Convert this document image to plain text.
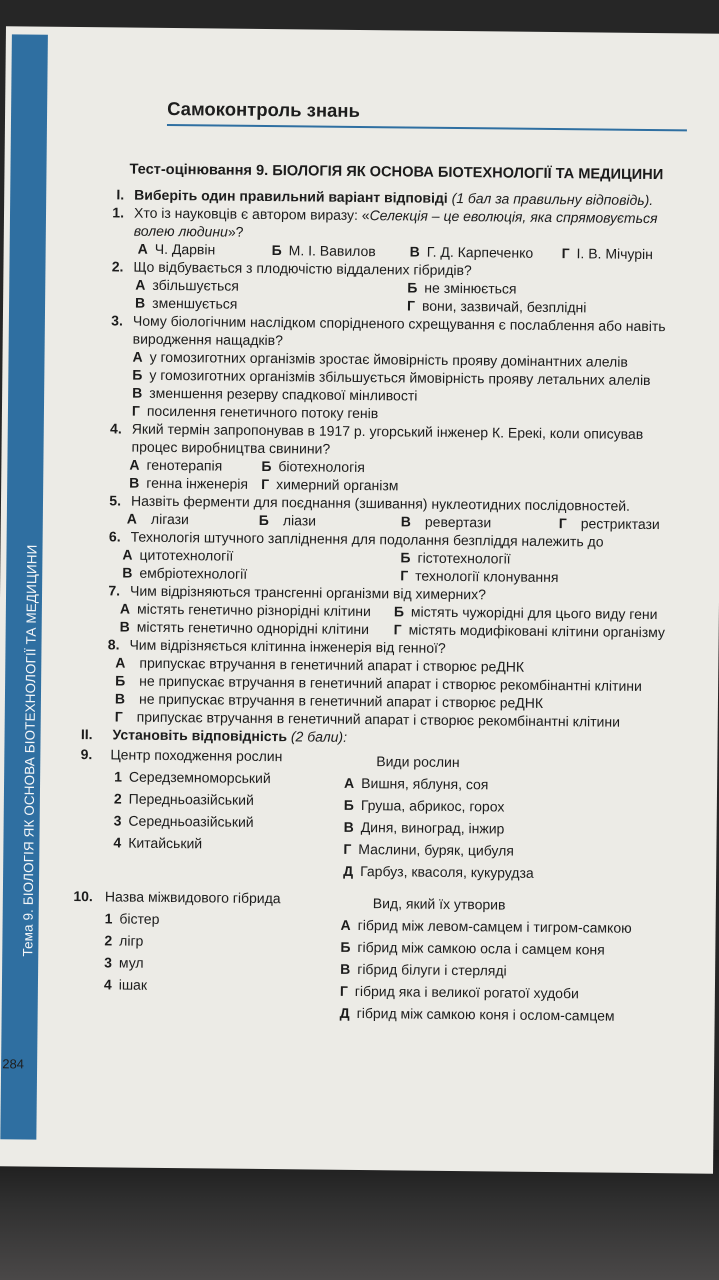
Тема 9. БІОЛОГІЯ ЯК ОСНОВА БІОТЕХНОЛОГІЇ ТА МЕДИЦИНИ
284
Самоконтроль знань
Тест-оцінювання 9. БІОЛОГІЯ ЯК ОСНОВА БІОТЕХНОЛОГІЇ ТА МЕДИЦИНИ
I. Виберіть один правильний варіант відповіді (1 бал за правильну відповідь).
1. Хто із науковців є автором виразу: «Селекція – це еволюція, яка спрямовується
волею людини»?
А Ч. Дарвін	Б М. І. Вавилов В Г. Д. Карпеченко Г І. В. Мічурін
2. Що відбувається з плодючістю віддалених гібридів?
А збільшується	Б не змінюється
В зменшується	Г вони, зазвичай, безплідні
3. Чому біологічним наслідком спорідненого схрещування є послаблення або навіть
виродження нащадків?
А у гомозиготних організмів зростає ймовірність прояву домінантних алелів
Б у гомозиготних організмів збільшується ймовірність прояву летальних алелів
В зменшення резерву спадкової мінливості
Г посилення генетичного потоку генів
4. Який термін запропонував в 1917 р. угорський інженер К. Ерекі, коли описував
процес виробництва свинини?
А генотерапія	Б біотехнологія
В генна інженерія Г химерний організм
5. Назвіть ферменти для поєднання (зшивання) нуклеотидних послідовностей.
А лігази	Б ліази	В ревертази	Г рестриктази
6. Технологія штучного запліднення для подолання безпліддя належить до
А цитотехнології	Б гістотехнології
В ембріотехнології	Г технології клонування
7. Чим відрізняються трансгенні організми від химерних?
А містять генетично різнорідні клітини Б містять чужорідні для цього виду гени
В містять генетично однорідні клітини Г містять модифіковані клітини організму
8. Чим відрізняється клітинна інженерія від генної?
А припускає втручання в генетичний апарат і створює реДНК
Б не припускає втручання в генетичний апарат і створює рекомбінантні клітини
В не припускає втручання в генетичний апарат і створює реДНК
Г припускає втручання в генетичний апарат і створює рекомбінантні клітини
II. Установіть відповідність (2 бали):
9. Центр походження рослин	Види рослин
1 Середземноморський	А Вишня, яблуня, соя
2 Передньоазійський	Б Груша, абрикос, горох
3 Середньоазійський	В Диня, виноград, інжир
4 Китайський	Г Маслини, буряк, цибуля
Д Гарбуз, квасоля, кукурудза
10. Назва міжвидового гібрида	Вид, який їх утворив
1 бістер	А гібрид між левом-самцем і тигром-самкою
2 лігр	Б гібрид між самкою осла і самцем коня
3 мул	В гібрид білуги і стерляді
4 ішак	Г гібрид яка і великої рогатої худоби
Д гібрид між самкою коня і ослом-самцем
